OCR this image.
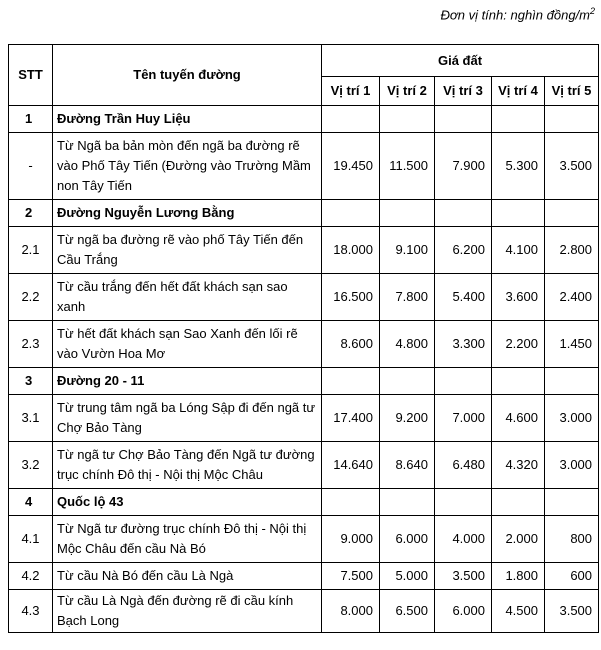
Đơn vị tính: nghìn đồng/$m^2$
STT	Tên tuyến đường	Giá đất				
		Vị trí 1	Vị trí 2	Vị trí 3	Vị trí 4	Vị trí 5
1	Đường Trần Huy Liệu					
-	Từ Ngã ba bản mòn đến ngã ba đường rẽ vào Phố Tây Tiến (Đường vào Trường Mầm non Tây Tiến	19.450	11.500	7.900	5.300	3.500
2	Đường Nguyễn Lương Bằng					
2.1	Từ ngã ba đường rẽ vào phố Tây Tiến đến Cầu Trắng	18.000	9.100	6.200	4.100	2.800
2.2	Từ cầu trắng đến hết đất khách sạn sao xanh	16.500	7.800	5.400	3.600	2.400
2.3	Từ hết đất khách sạn Sao Xanh đến lối rẽ vào Vườn Hoa Mơ	8.600	4.800	3.300	2.200	1.450
3	Đường 20 - 11					
3.1	Từ trung tâm ngã ba Lóng Sập đi đến ngã tư Chợ Bảo Tàng	17.400	9.200	7.000	4.600	3.000
3.2	Từ ngã tư Chợ Bảo Tàng đến Ngã tư đường trục chính Đô thị - Nội thị Mộc Châu	14.640	8.640	6.480	4.320	3.000
4	Quốc lộ 43					
4.1	Từ Ngã tư đường trục chính Đô thị - Nội thị Mộc Châu đến cầu Nà Bó	9.000	6.000	4.000	2.000	800
4.2	Từ cầu Nà Bó đến cầu Là Ngà	7.500	5.000	3.500	1.800	600
4.3	Từ cầu Là Ngà đến đường rẽ đi cầu kính Bạch Long	8.000	6.500	6.000	4.500	3.500
